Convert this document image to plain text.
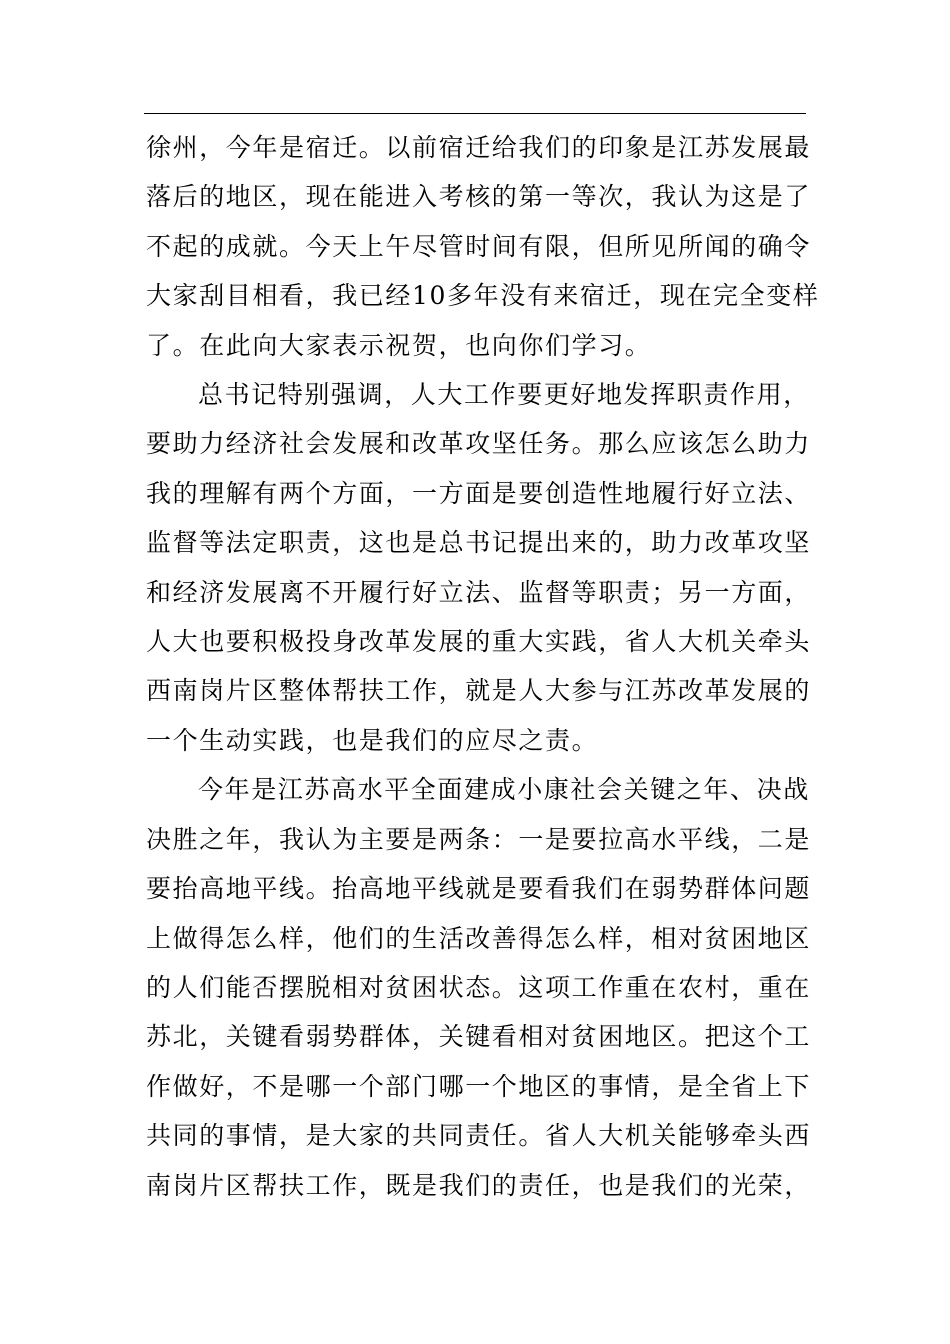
徐州，今年是宿迁。以前宿迁给我们的印象是江苏发展最
落后的地区，现在能进入考核的第一等次，我认为这是了
不起的成就。今天上午尽管时间有限，但所见所闻的确令
大家刮目相看，我已经10多年没有来宿迁，现在完全变样
了。在此向大家表示祝贺，也向你们学习。

总书记特别强调，人大工作要更好地发挥职责作用，
要助力经济社会发展和改革攻坚任务。那么应该怎么助力
我的理解有两个方面，一方面是要创造性地履行好立法、
监督等法定职责，这也是总书记提出来的，助力改革攻坚
和经济发展离不开履行好立法、监督等职责；另一方面，
人大也要积极投身改革发展的重大实践，省人大机关牵头
西南岗片区整体帮扶工作，就是人大参与江苏改革发展的
一个生动实践，也是我们的应尽之责。

今年是江苏高水平全面建成小康社会关键之年、决战
决胜之年，我认为主要是两条：一是要拉高水平线，二是
要抬高地平线。抬高地平线就是要看我们在弱势群体问题
上做得怎么样，他们的生活改善得怎么样，相对贫困地区
的人们能否摆脱相对贫困状态。这项工作重在农村，重在
苏北，关键看弱势群体，关键看相对贫困地区。把这个工
作做好，不是哪一个部门哪一个地区的事情，是全省上下
共同的事情，是大家的共同责任。省人大机关能够牵头西
南岗片区帮扶工作，既是我们的责任，也是我们的光荣，
